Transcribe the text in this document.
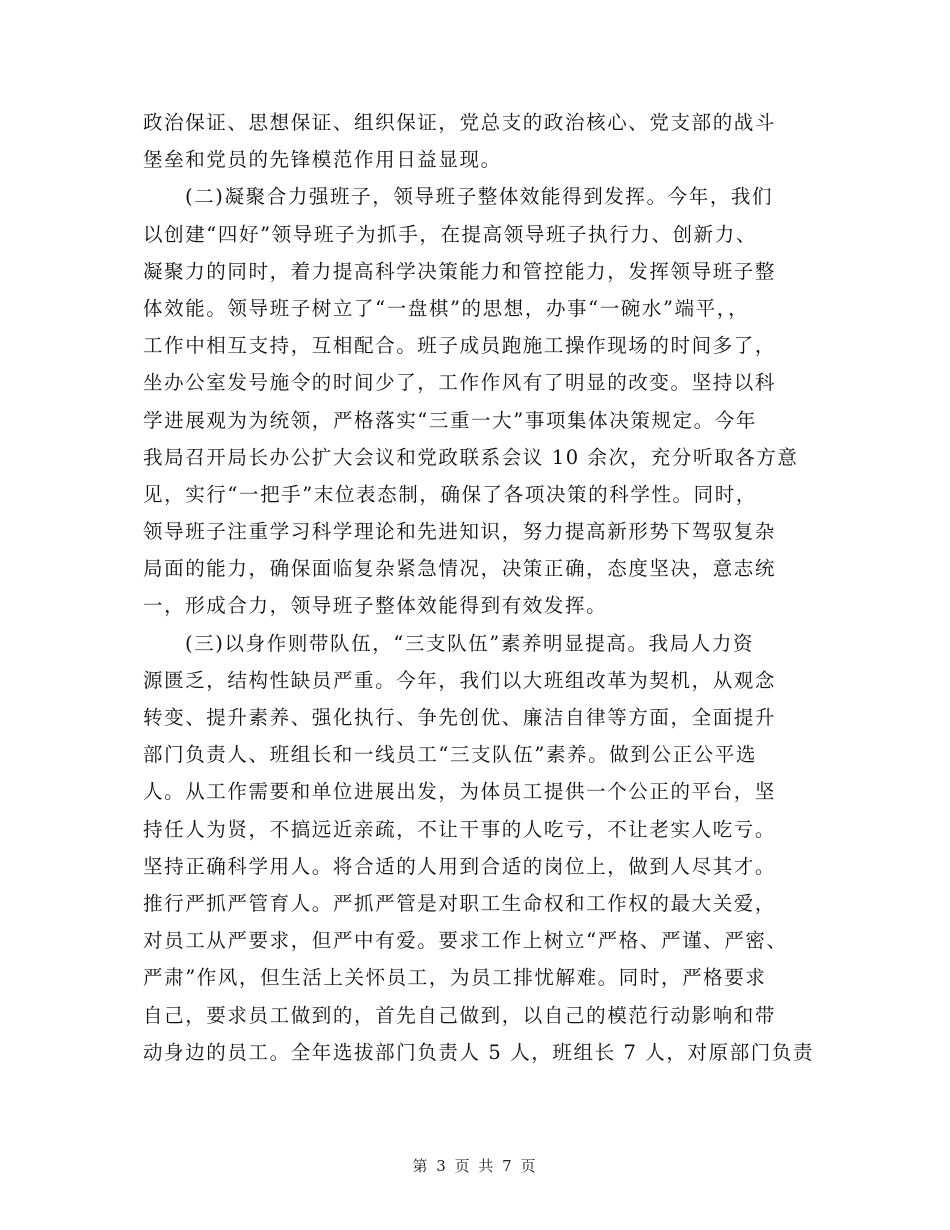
政治保证、思想保证、组织保证，党总支的政治核心、党支部的战斗
堡垒和党员的先锋模范作用日益显现。
(二)凝聚合力强班子，领导班子整体效能得到发挥。今年，我们
以创建“四好”领导班子为抓手，在提高领导班子执行力、创新力、
凝聚力的同时，着力提高科学决策能力和管控能力，发挥领导班子整
体效能。领导班子树立了“一盘棋”的思想，办事“一碗水”端平，，
工作中相互支持，互相配合。班子成员跑施工操作现场的时间多了，
坐办公室发号施令的时间少了，工作作风有了明显的改变。坚持以科
学进展观为为统领，严格落实“三重一大”事项集体决策规定。今年
我局召开局长办公扩大会议和党政联系会议 10 余次，充分听取各方意
见，实行“一把手”末位表态制，确保了各项决策的科学性。同时，
领导班子注重学习科学理论和先进知识，努力提高新形势下驾驭复杂
局面的能力，确保面临复杂紧急情况，决策正确，态度坚决，意志统
一，形成合力，领导班子整体效能得到有效发挥。
(三)以身作则带队伍，“三支队伍”素养明显提高。我局人力资
源匮乏，结构性缺员严重。今年，我们以大班组改革为契机，从观念
转变、提升素养、强化执行、争先创优、廉洁自律等方面，全面提升
部门负责人、班组长和一线员工“三支队伍”素养。做到公正公平选
人。从工作需要和单位进展出发，为体员工提供一个公正的平台，坚
持任人为贤，不搞远近亲疏，不让干事的人吃亏，不让老实人吃亏。
坚持正确科学用人。将合适的人用到合适的岗位上，做到人尽其才。
推行严抓严管育人。严抓严管是对职工生命权和工作权的最大关爱，
对员工从严要求，但严中有爱。要求工作上树立“严格、严谨、严密、
严肃”作风，但生活上关怀员工，为员工排忧解难。同时，严格要求
自己，要求员工做到的，首先自己做到，以自己的模范行动影响和带
动身边的员工。全年选拔部门负责人 5 人，班组长 7 人，对原部门负责
第 3 页 共 7 页
